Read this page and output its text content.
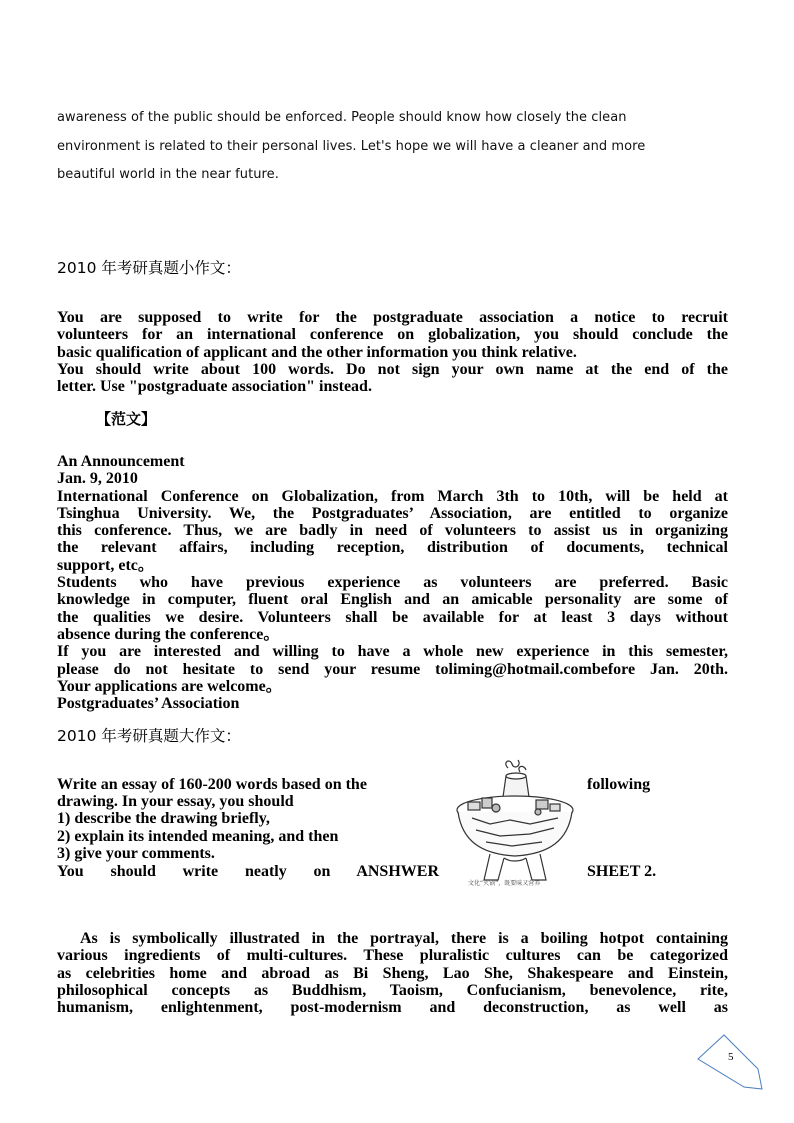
awareness of the public should be enforced. People should know how closely the clean
environment is related to their personal lives. Let's hope we will have a cleaner and more
beautiful world in the near future.
2010 年考研真题小作文：
You are supposed to write for the postgraduate association a notice to recruit
volunteers for an international conference on globalization, you should conclude the
basic qualification of applicant and the other information you think relative.
You should write about 100 words. Do not sign your own name at the end of the
letter. Use "postgraduate association" instead.
【范文】
An Announcement
Jan. 9, 2010
International Conference on Globalization, from March 3th to 10th, will be held at
Tsinghua University. We, the Postgraduates’ Association, are entitled to organize
this conference. Thus, we are badly in need of volunteers to assist us in organizing
the relevant affairs, including reception, distribution of documents, technical
support, etc。
Students who have previous experience as volunteers are preferred. Basic
knowledge in computer, fluent oral English and an amicable personality are some of
the qualities we desire. Volunteers shall be available for at least 3 days without
absence during the conference。
If you are interested and willing to have a whole new experience in this semester,
please do not hesitate to send your resume toliming@hotmail.combefore Jan. 20th.
Your applications are welcome。
Postgraduates’ Association
2010 年考研真题大作文：
Write an essay of 160-200 words based on the	following
drawing. In your essay, you should
1) describe the drawing briefly,
2) explain its intended meaning, and then
3) give your comments.
You should write neatly on ANSHWER	SHEET 2.
文化“火锅”，既要味又营养
As is symbolically illustrated in the portrayal, there is a boiling hotpot containing
various ingredients of multi-cultures. These pluralistic cultures can be categorized
as celebrities home and abroad as Bi Sheng, Lao She, Shakespeare and Einstein,
philosophical concepts as Buddhism, Taoism, Confucianism, benevolence, rite,
humanism, enlightenment, post-modernism and deconstruction, as well as
5
